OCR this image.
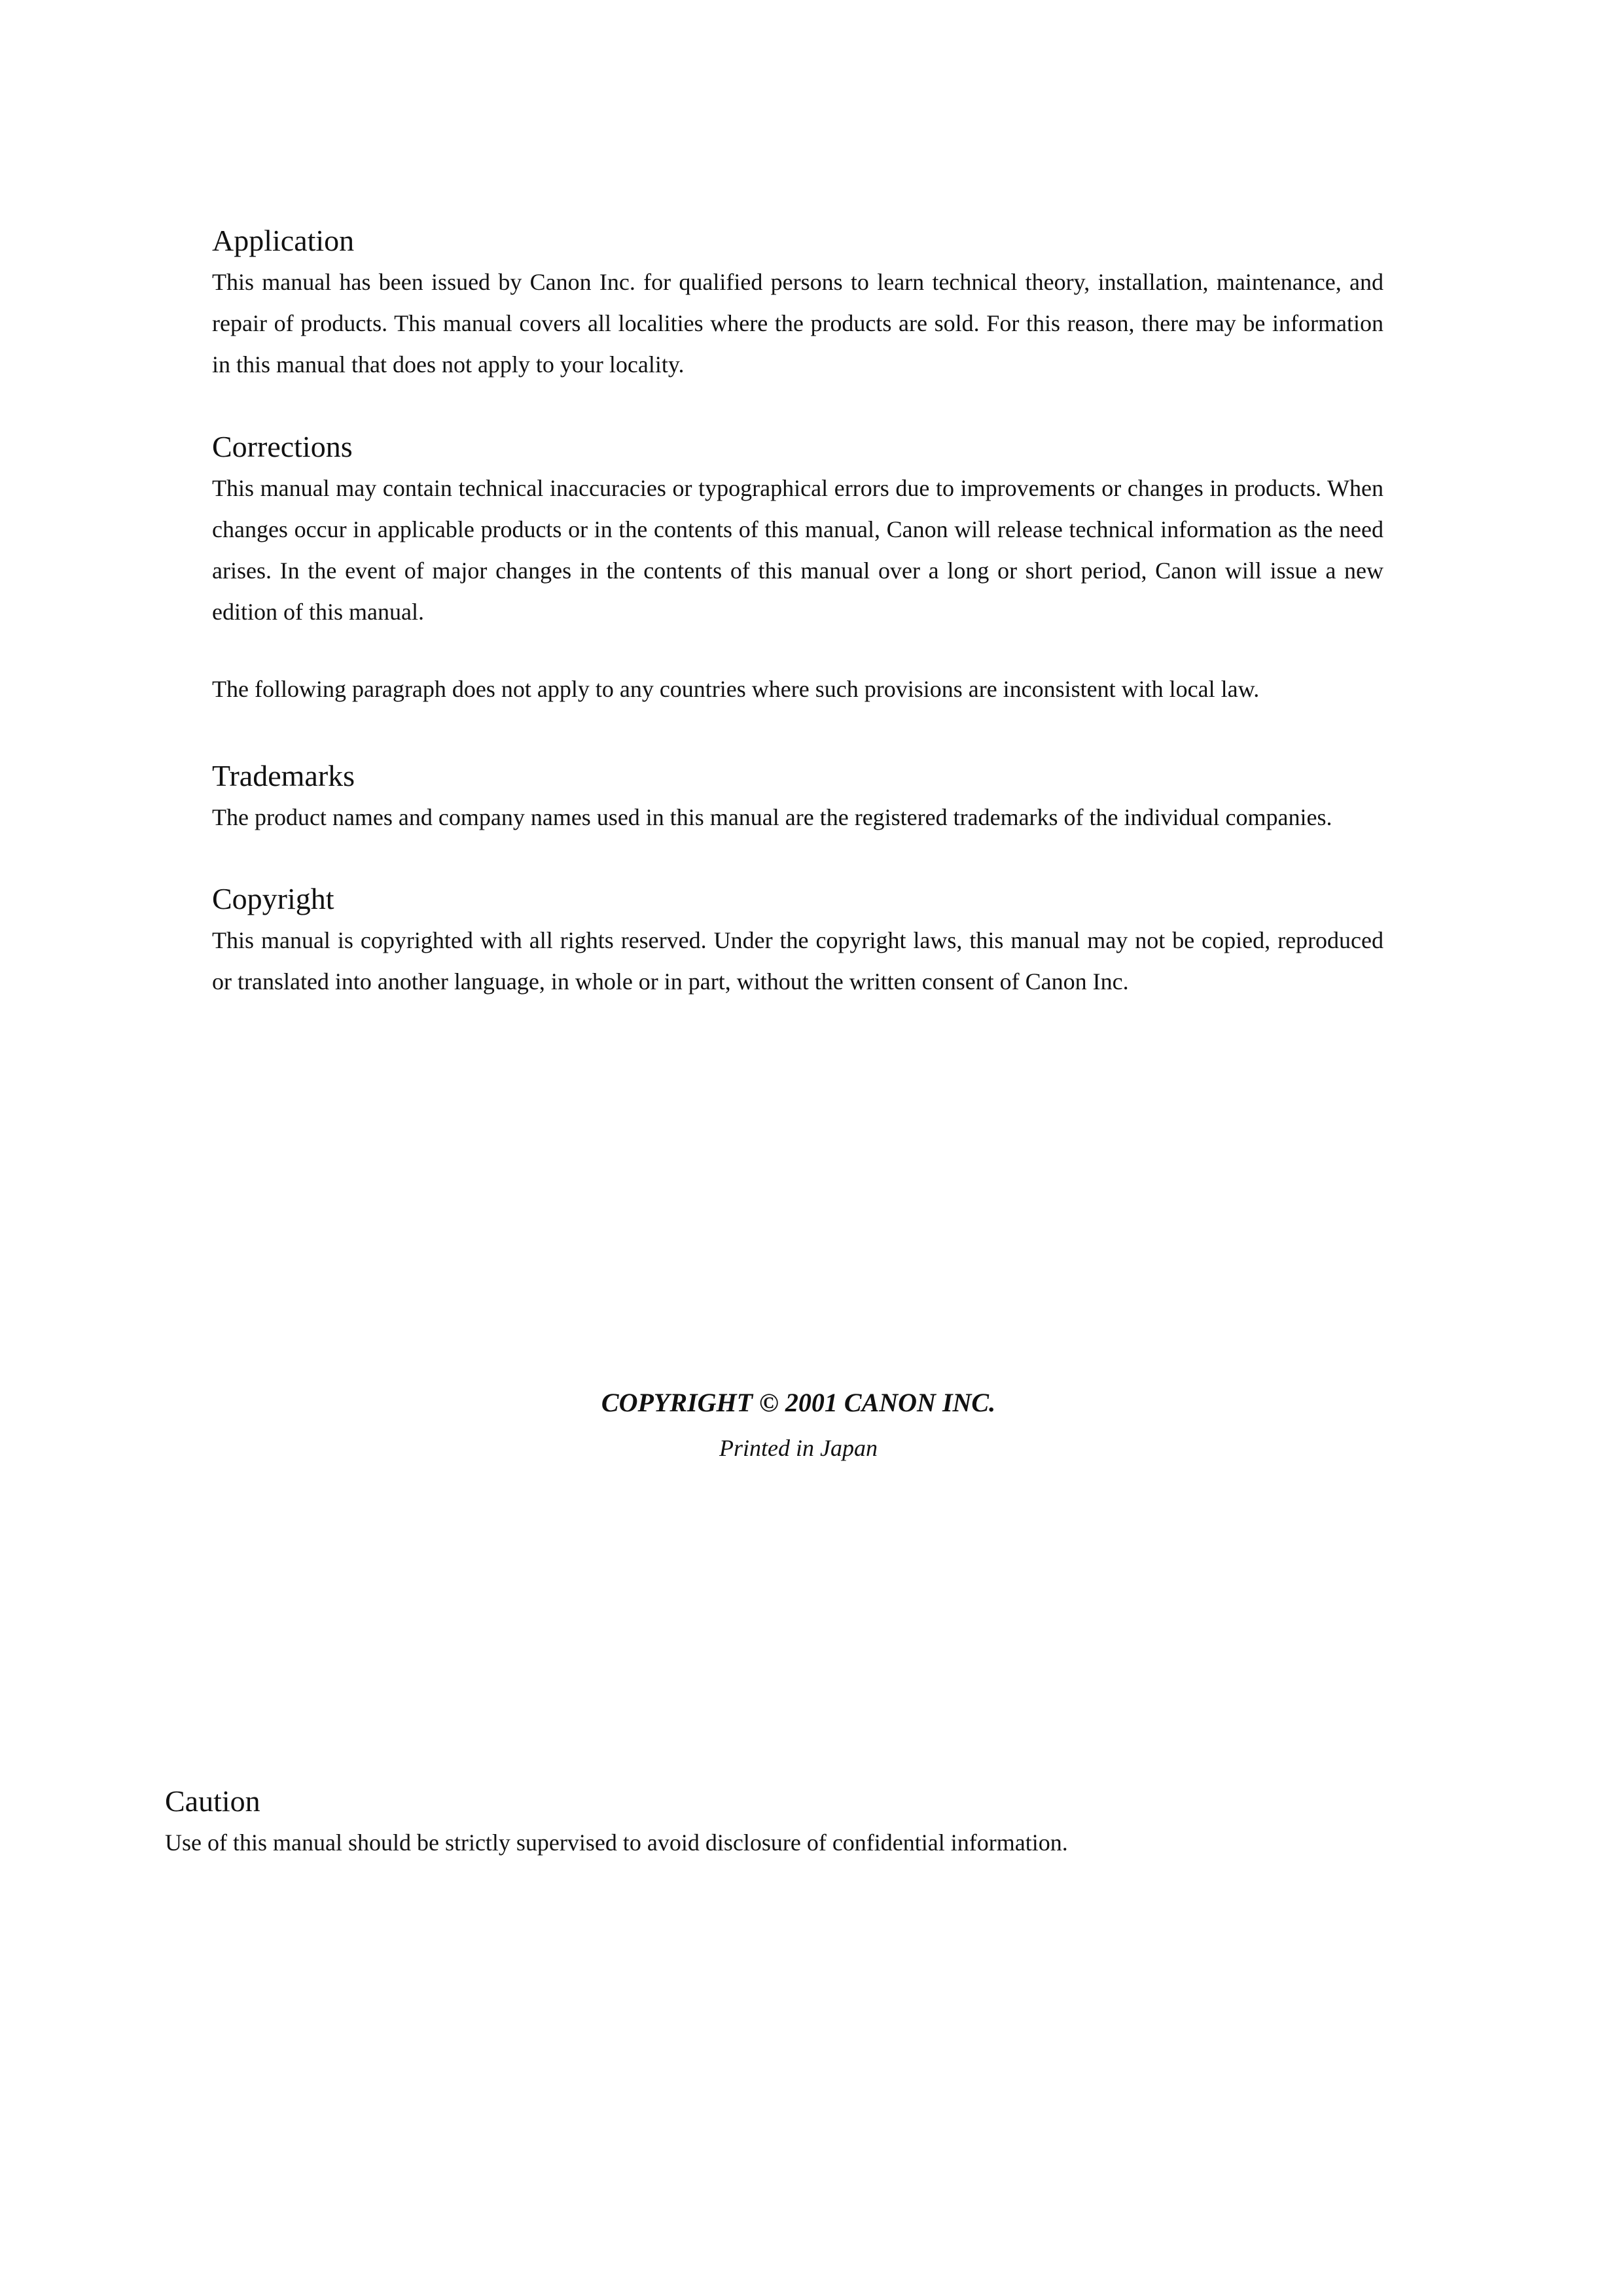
Application

This manual has been issued by Canon Inc. for qualified persons to learn technical theory, installation, maintenance, and repair of products. This manual covers all localities where the products are sold. For this reason, there may be information in this manual that does not apply to your locality.

Corrections

This manual may contain technical inaccuracies or typographical errors due to improvements or changes in products. When changes occur in applicable products or in the contents of this manual, Canon will release technical information as the need arises. In the event of major changes in the contents of this manual over a long or short period, Canon will issue a new edition of this manual.

The following paragraph does not apply to any countries where such provisions are inconsistent with local law.

Trademarks

The product names and company names used in this manual are the registered trademarks of the individual companies.

Copyright

This manual is copyrighted with all rights reserved. Under the copyright laws, this manual may not be copied, reproduced or translated into another language, in whole or in part, without the written consent of Canon Inc.

COPYRIGHT © 2001 CANON INC.
Printed in Japan
Caution

Use of this manual should be strictly supervised to avoid disclosure of confidential information.
